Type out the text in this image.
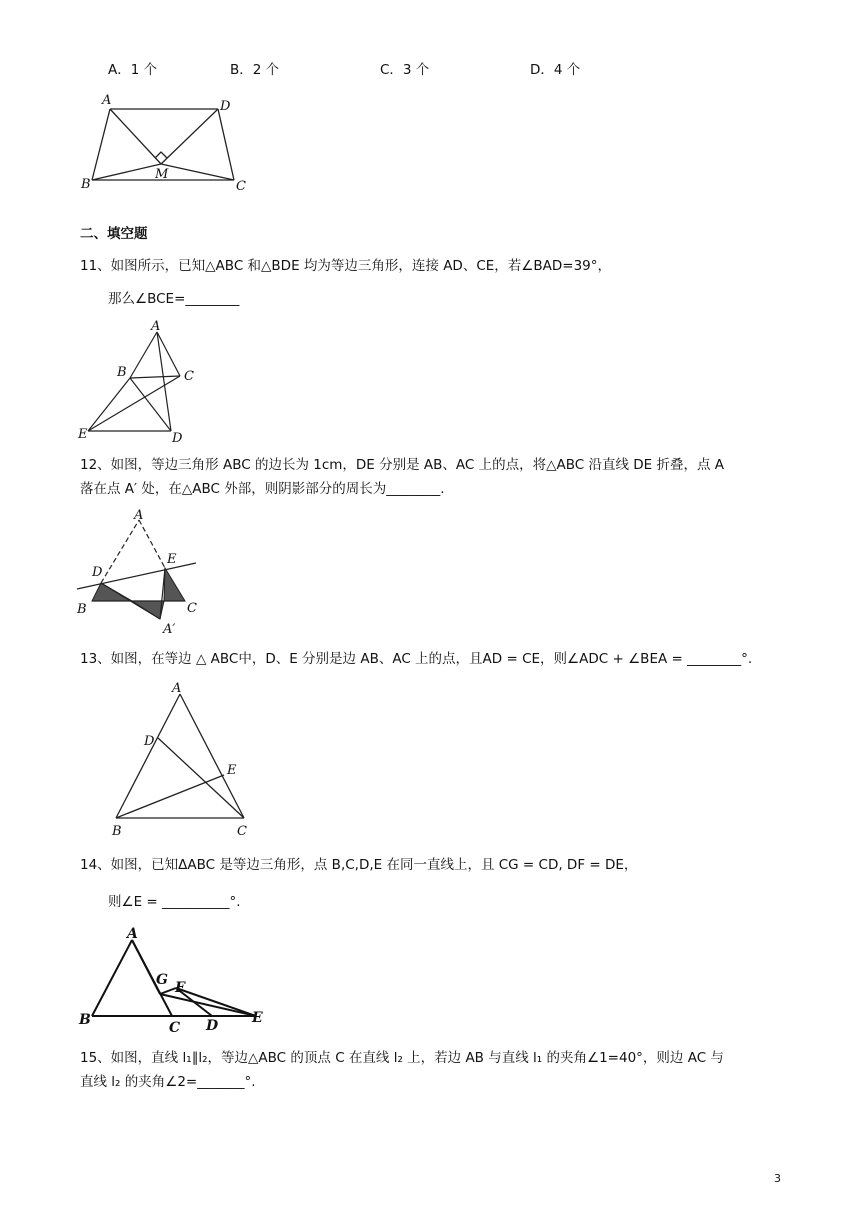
A．1 个	B．2 个	C．3 个	D．4 个
A	D
B
M
C
二、填空题
11、如图所示，已知△ABC 和△BDE 均为等边三角形，连接 AD、CE，若∠BAD=39°，
那么∠BCE=________
A
B	C
E	D
12、如图，等边三角形 ABC 的边长为 1cm，DE 分别是 AB、AC 上的点，将△ABC 沿直线 DE 折叠，点 A
落在点 A′ 处，在△ABC 外部，则阴影部分的周长为________.
A
D
E
B	C
A′
13、如图，在等边 △ ABC中，D、E 分别是边 AB、AC 上的点，且AD = CE，则∠ADC + ∠BEA = ________°.
A
D
E
B	C
14、如图，已知ΔABC 是等边三角形，点 B,C,D,E 在同一直线上，且 CG = CD, DF = DE，
则∠E = __________°.
A
G F
B	C D E
15、如图，直线 l₁∥l₂，等边△ABC 的顶点 C 在直线 l₂ 上，若边 AB 与直线 l₁ 的夹角∠1=40°，则边 AC 与
直线 l₂ 的夹角∠2=_______°.
3
